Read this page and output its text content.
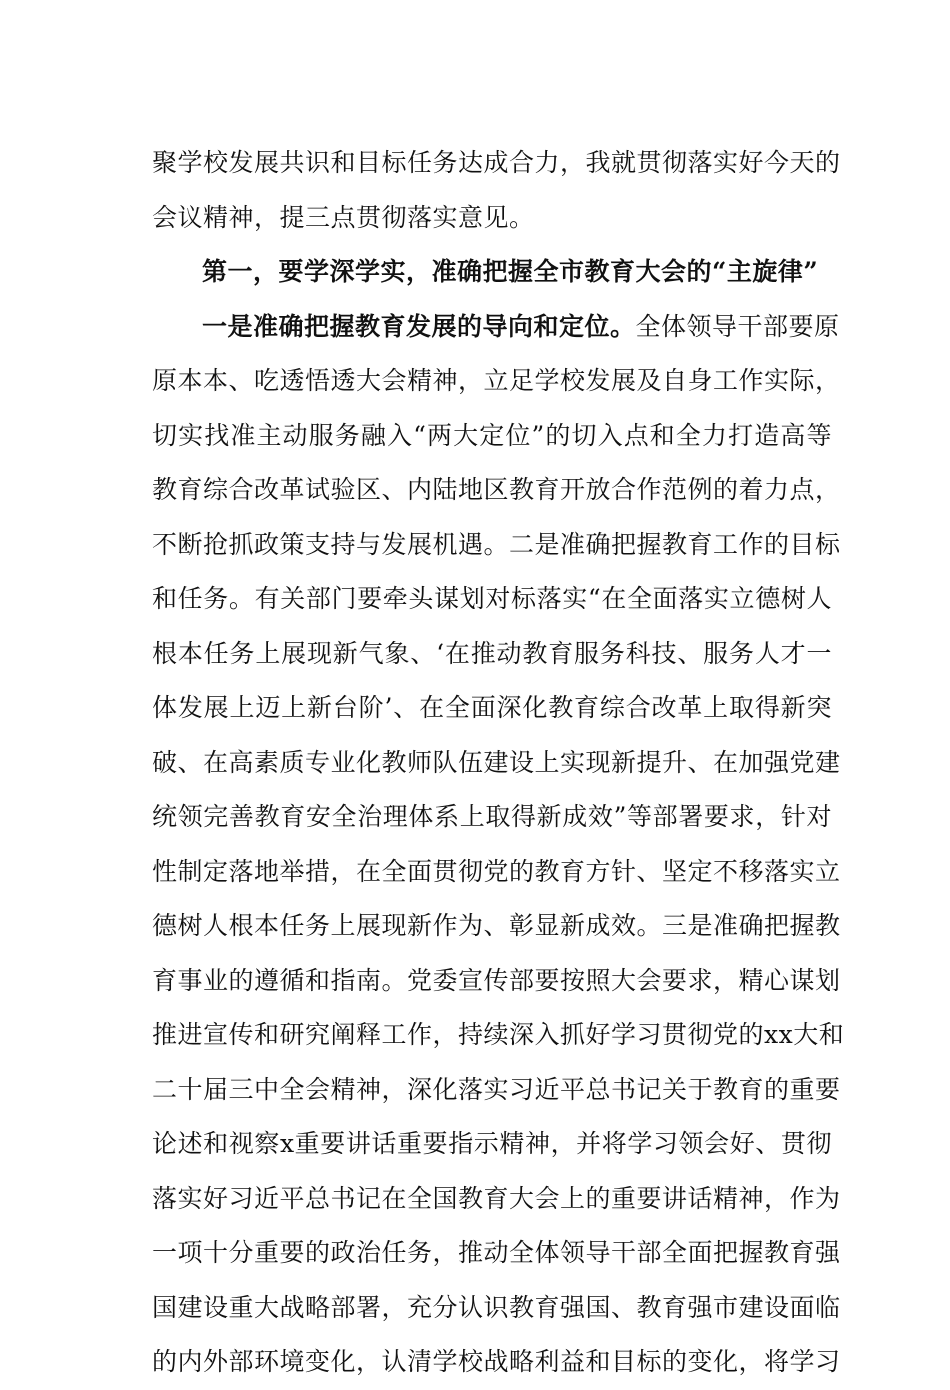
聚学校发展共识和目标任务达成合力，我就贯彻落实好今天的
会议精神，提三点贯彻落实意见。
第一，要学深学实，准确把握全市教育大会的“主旋律”
一是准确把握教育发展的导向和定位。全体领导干部要原
原本本、吃透悟透大会精神，立足学校发展及自身工作实际，
切实找准主动服务融入“两大定位”的切入点和全力打造高等
教育综合改革试验区、内陆地区教育开放合作范例的着力点，
不断抢抓政策支持与发展机遇。二是准确把握教育工作的目标
和任务。有关部门要牵头谋划对标落实“在全面落实立德树人
根本任务上展现新气象、‘在推动教育服务科技、服务人才一
体发展上迈上新台阶’、在全面深化教育综合改革上取得新突
破、在高素质专业化教师队伍建设上实现新提升、在加强党建
统领完善教育安全治理体系上取得新成效”等部署要求，针对
性制定落地举措，在全面贯彻党的教育方针、坚定不移落实立
德树人根本任务上展现新作为、彰显新成效。三是准确把握教
育事业的遵循和指南。党委宣传部要按照大会要求，精心谋划
推进宣传和研究阐释工作，持续深入抓好学习贯彻党的xx大和
二十届三中全会精神，深化落实习近平总书记关于教育的重要
论述和视察x重要讲话重要指示精神，并将学习领会好、贯彻
落实好习近平总书记在全国教育大会上的重要讲话精神，作为
一项十分重要的政治任务，推动全体领导干部全面把握教育强
国建设重大战略部署，充分认识教育强国、教育强市建设面临
的内外部环境变化，认清学校战略利益和目标的变化，将学习
